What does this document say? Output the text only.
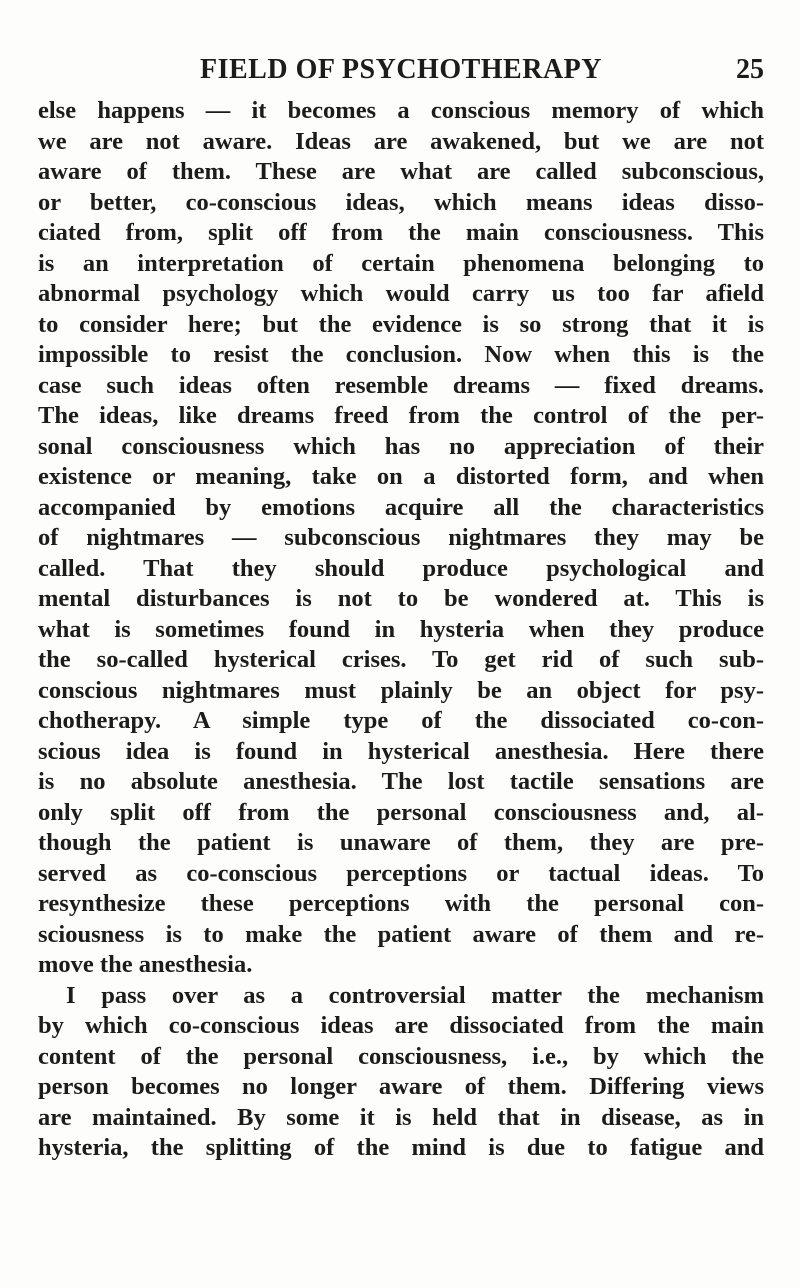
FIELD OF PSYCHOTHERAPY	25
else happens — it becomes a conscious memory of which
we are not aware. Ideas are awakened, but we are not
aware of them. These are what are called subconscious,
or better, co-conscious ideas, which means ideas disso-
ciated from, split off from the main consciousness. This
is an interpretation of certain phenomena belonging to
abnormal psychology which would carry us too far afield
to consider here; but the evidence is so strong that it is
impossible to resist the conclusion. Now when this is the
case such ideas often resemble dreams — fixed dreams.
The ideas, like dreams freed from the control of the per-
sonal consciousness which has no appreciation of their
existence or meaning, take on a distorted form, and when
accompanied by emotions acquire all the characteristics
of nightmares — subconscious nightmares they may be
called. That they should produce psychological and
mental disturbances is not to be wondered at. This is
what is sometimes found in hysteria when they produce
the so-called hysterical crises. To get rid of such sub-
conscious nightmares must plainly be an object for psy-
chotherapy. A simple type of the dissociated co-con-
scious idea is found in hysterical anesthesia. Here there
is no absolute anesthesia. The lost tactile sensations are
only split off from the personal consciousness and, al-
though the patient is unaware of them, they are pre-
served as co-conscious perceptions or tactual ideas. To
resynthesize these perceptions with the personal con-
sciousness is to make the patient aware of them and re-
move the anesthesia.
I pass over as a controversial matter the mechanism
by which co-conscious ideas are dissociated from the main
content of the personal consciousness, i.e., by which the
person becomes no longer aware of them. Differing views
are maintained. By some it is held that in disease, as in
hysteria, the splitting of the mind is due to fatigue and
